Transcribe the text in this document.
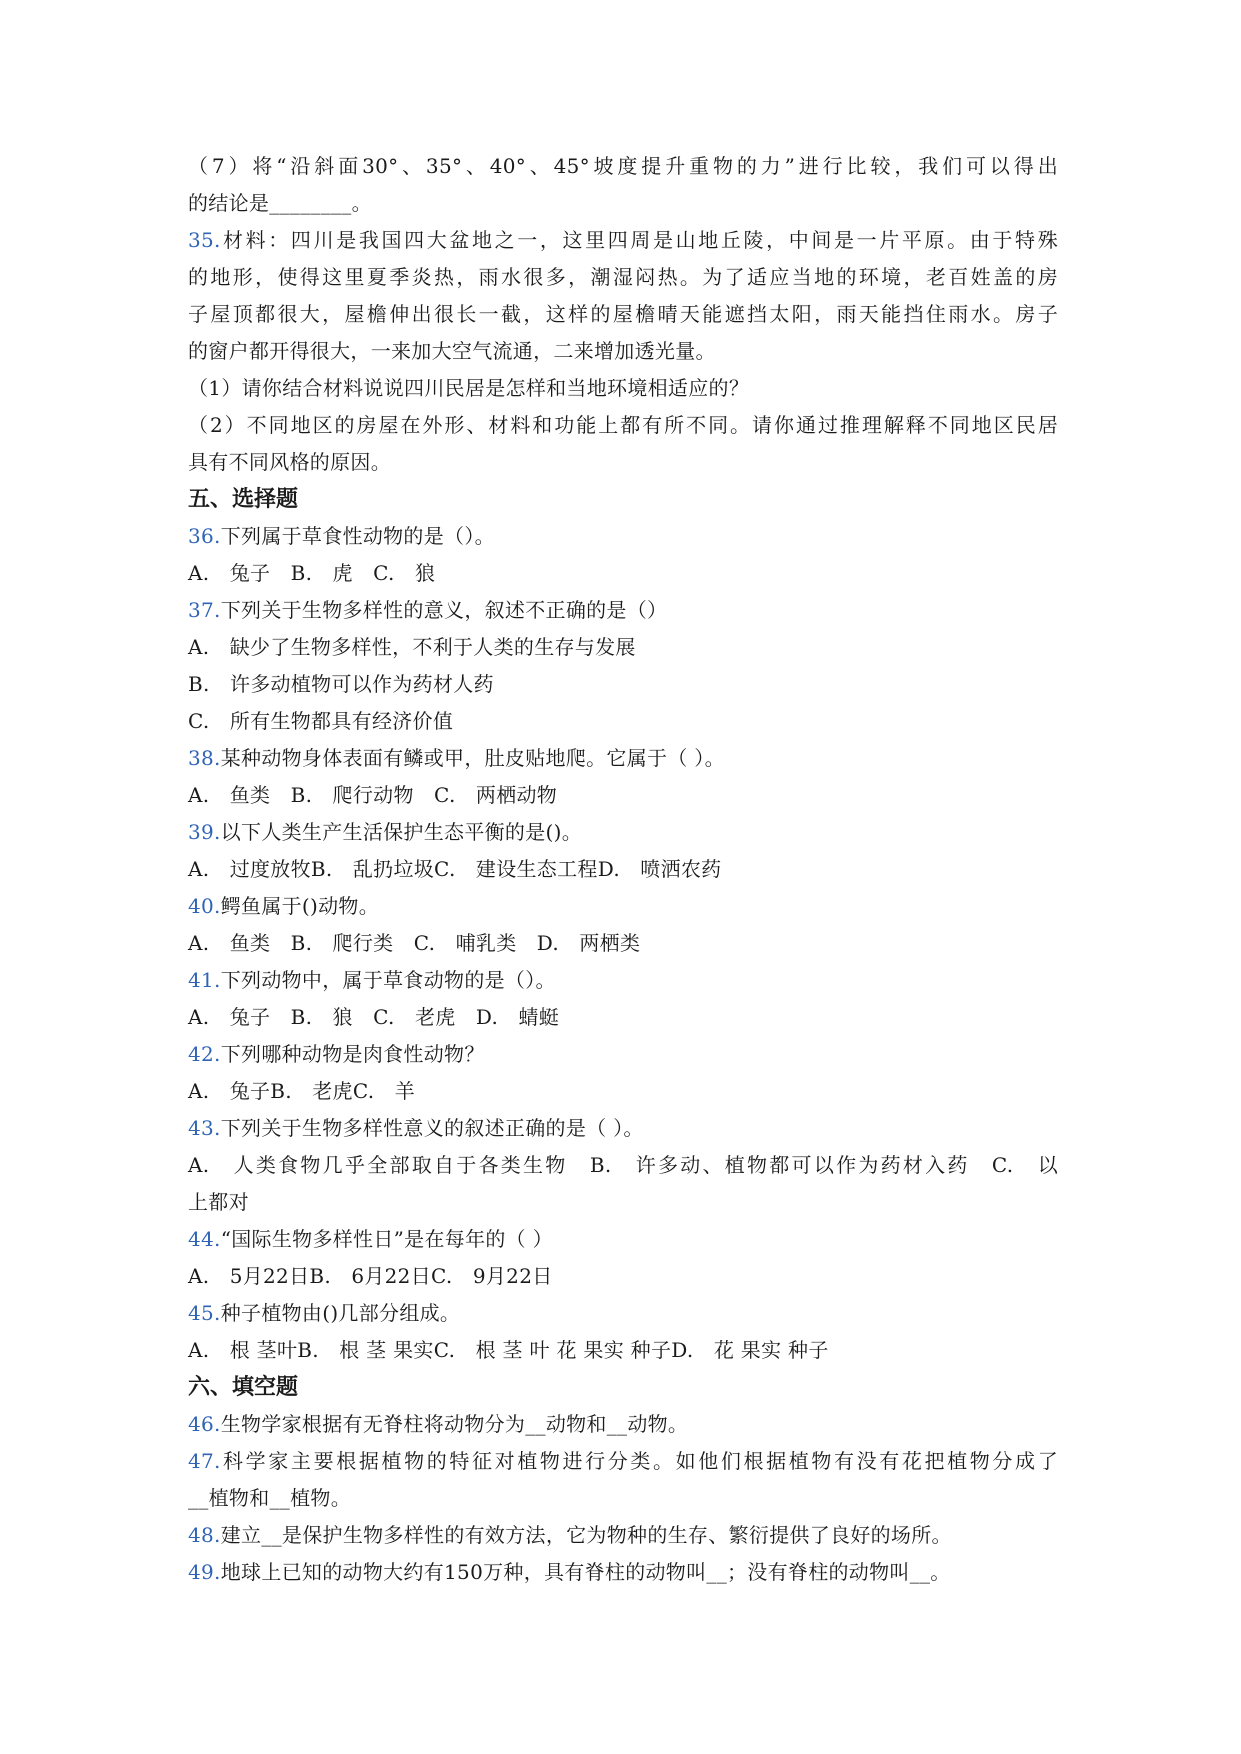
（7）将“沿斜面30°、35°、40°、45°坡度提升重物的力”进行比较，我们可以得出
的结论是________。
35.材料：四川是我国四大盆地之一，这里四周是山地丘陵，中间是一片平原。由于特殊
的地形，使得这里夏季炎热，雨水很多，潮湿闷热。为了适应当地的环境，老百姓盖的房
子屋顶都很大，屋檐伸出很长一截，这样的屋檐晴天能遮挡太阳，雨天能挡住雨水。房子
的窗户都开得很大，一来加大空气流通，二来增加透光量。
（1）请你结合材料说说四川民居是怎样和当地环境相适应的？
（2）不同地区的房屋在外形、材料和功能上都有所不同。请你通过推理解释不同地区民居
具有不同风格的原因。
五、选择题
36.下列属于草食性动物的是（）。
A.　兔子　B.　虎　C.　狼
37.下列关于生物多样性的意义，叙述不正确的是（）
A.　缺少了生物多样性，不利于人类的生存与发展
B.　许多动植物可以作为药材人药
C.　所有生物都具有经济价值
38.某种动物身体表面有鳞或甲，肚皮贴地爬。它属于（ ）。
A.　鱼类　B.　爬行动物　C.　两栖动物
39.以下人类生产生活保护生态平衡的是()。
A.　过度放牧B.　乱扔垃圾C.　建设生态工程D.　喷洒农药
40.鳄鱼属于()动物。
A.　鱼类　B.　爬行类　C.　哺乳类　D.　两栖类
41.下列动物中，属于草食动物的是（）。
A.　兔子　B.　狼　C.　老虎　D.　蜻蜓
42.下列哪种动物是肉食性动物？
A.　兔子B.　老虎C.　羊
43.下列关于生物多样性意义的叙述正确的是（ ）。
A.　人类食物几乎全部取自于各类生物　B.　许多动、植物都可以作为药材入药　C.　以
上都对
44.“国际生物多样性日”是在每年的（ ）
A.　5月22日B.　6月22日C.　9月22日
45.种子植物由()几部分组成。
A.　根 茎叶B.　根 茎 果实C.　根 茎 叶 花 果实 种子D.　花 果实 种子
六、填空题
46.生物学家根据有无脊柱将动物分为__动物和__动物。
47.科学家主要根据植物的特征对植物进行分类。如他们根据植物有没有花把植物分成了
__植物和__植物。
48.建立__是保护生物多样性的有效方法，它为物种的生存、繁衍提供了良好的场所。
49.地球上已知的动物大约有150万种，具有脊柱的动物叫__；没有脊柱的动物叫__。
